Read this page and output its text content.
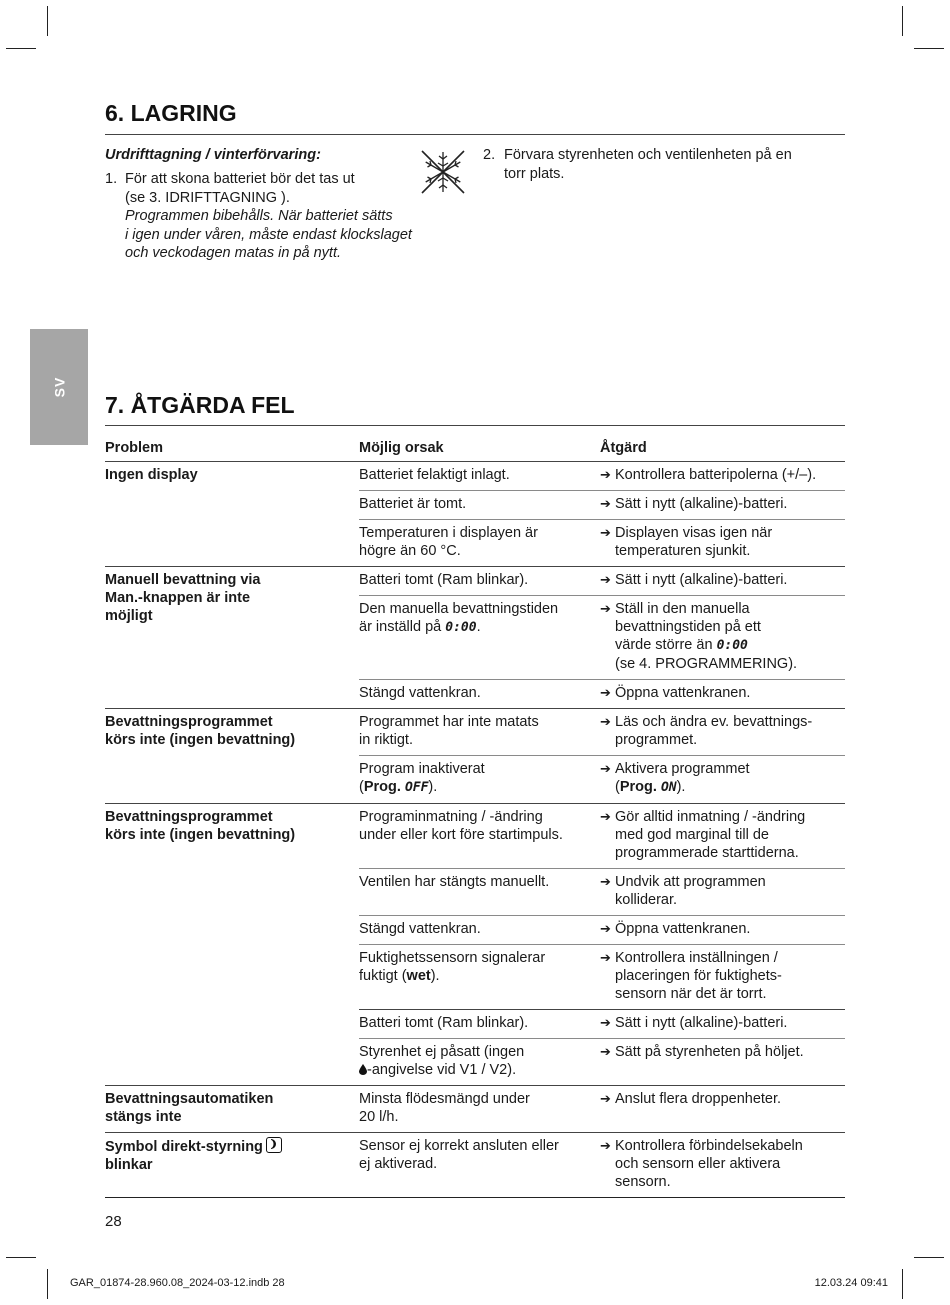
SV
6. LAGRING
Urdrifttagning / vinterförvaring:
1. För att skona batteriet bör det tas ut
(se 3. IDRIFTTAGNING ).
Programmen bibehålls. När batteriet sätts
i igen under våren, måste endast klockslaget
och veckodagen matas in på nytt.
2. Förvara styrenheten och ventilenheten på en
torr plats.
7. ÅTGÄRDA FEL
Problem	Möjlig orsak	Åtgärd

Ingen display	Batteriet felaktigt inlagt.	➔ Kontrollera batteripolerna (+/–).

	Batteriet är tomt.	➔ Sätt i nytt (alkaline)-batteri.

	Temperaturen i displayen är
högre än 60 °C.	➔ Displayen visas igen när
temperaturen sjunkit.

Manuell bevattning via
Man.-knappen är inte
möjligt	Batteri tomt (Ram blinkar).	➔ Sätt i nytt (alkaline)-batteri.

	Den manuella bevattningstiden
är inställd på 0:00.	➔ Ställ in den manuella
bevattningstiden på ett
värde större än 0:00
(se 4. PROGRAMMERING).

	Stängd vattenkran.	➔ Öppna vattenkranen.

Bevattningsprogrammet
körs inte (ingen bevattning)	Programmet har inte matats
in riktigt.	➔ Läs och ändra ev. bevattnings-
programmet.

	Program inaktiverat
(Prog. OFF).	➔ Aktivera programmet
(Prog. ON).

Bevattningsprogrammet
körs inte (ingen bevattning)	Programinmatning / -ändring
under eller kort före startimpuls.	➔ Gör alltid inmatning / -ändring
med god marginal till de
programmerade starttiderna.

	Ventilen har stängts manuellt.	➔ Undvik att programmen
kolliderar.

	Stängd vattenkran.	➔ Öppna vattenkranen.

	Fuktighetssensorn signalerar
fuktigt (wet).	➔ Kontrollera inställningen /
placeringen för fuktighets-
sensorn när det är torrt.

	Batteri tomt (Ram blinkar).	➔ Sätt i nytt (alkaline)-batteri.

	Styrenhet ej påsatt (ingen
-angivelse vid V1 / V2).	➔ Sätt på styrenheten på höljet.

Bevattningsautomatiken
stängs inte	Minsta flödesmängd under
20 l/h.	➔ Anslut flera droppenheter.

Symbol direkt-styrning
blinkar	Sensor ej korrekt ansluten eller
ej aktiverad.	➔ Kontrollera förbindelsekabeln
och sensorn eller aktivera
sensorn.
28
GAR_01874-28.960.08_2024-03-12.indb 28	12.03.24 09:41
